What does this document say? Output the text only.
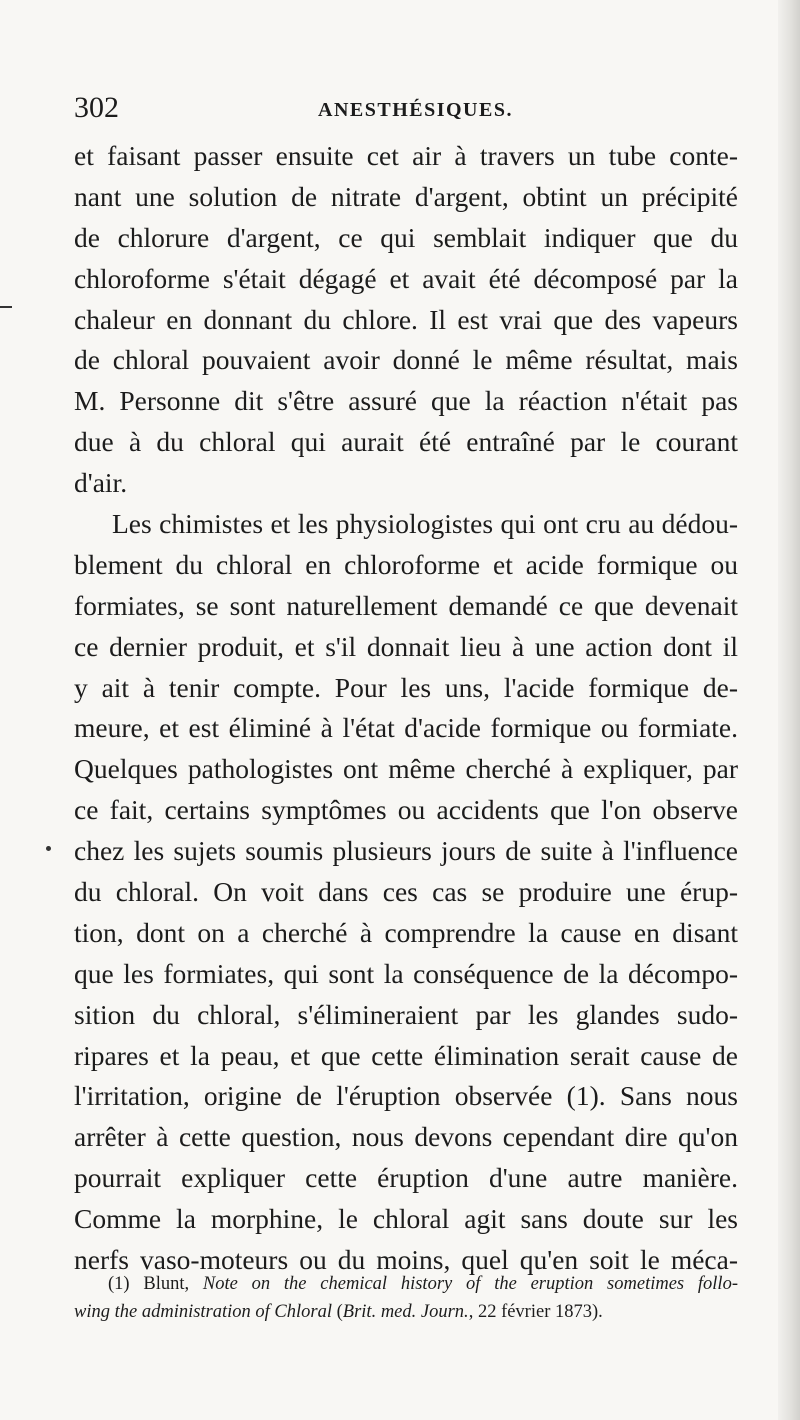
302	ANESTHÉSIQUES.
et faisant passer ensuite cet air à travers un tube conte-
nant une solution de nitrate d'argent, obtint un précipité
de chlorure d'argent, ce qui semblait indiquer que du
chloroforme s'était dégagé et avait été décomposé par la
chaleur en donnant du chlore. Il est vrai que des vapeurs
de chloral pouvaient avoir donné le même résultat, mais
M. Personne dit s'être assuré que la réaction n'était pas
due à du chloral qui aurait été entraîné par le courant
d'air.
Les chimistes et les physiologistes qui ont cru au dédou-
blement du chloral en chloroforme et acide formique ou
formiates, se sont naturellement demandé ce que devenait
ce dernier produit, et s'il donnait lieu à une action dont il
y ait à tenir compte. Pour les uns, l'acide formique de-
meure, et est éliminé à l'état d'acide formique ou formiate.
Quelques pathologistes ont même cherché à expliquer, par
ce fait, certains symptômes ou accidents que l'on observe
chez les sujets soumis plusieurs jours de suite à l'influence
du chloral. On voit dans ces cas se produire une érup-
tion, dont on a cherché à comprendre la cause en disant
que les formiates, qui sont la conséquence de la décompo-
sition du chloral, s'élimineraient par les glandes sudo-
ripares et la peau, et que cette élimination serait cause de
l'irritation, origine de l'éruption observée (1). Sans nous
arrêter à cette question, nous devons cependant dire qu'on
pourrait expliquer cette éruption d'une autre manière.
Comme la morphine, le chloral agit sans doute sur les
nerfs vaso-moteurs ou du moins, quel qu'en soit le méca-
(1) Blunt, Note on the chemical history of the eruption sometimes follo-
wing the administration of Chloral (Brit. med. Journ., 22 février 1873).
